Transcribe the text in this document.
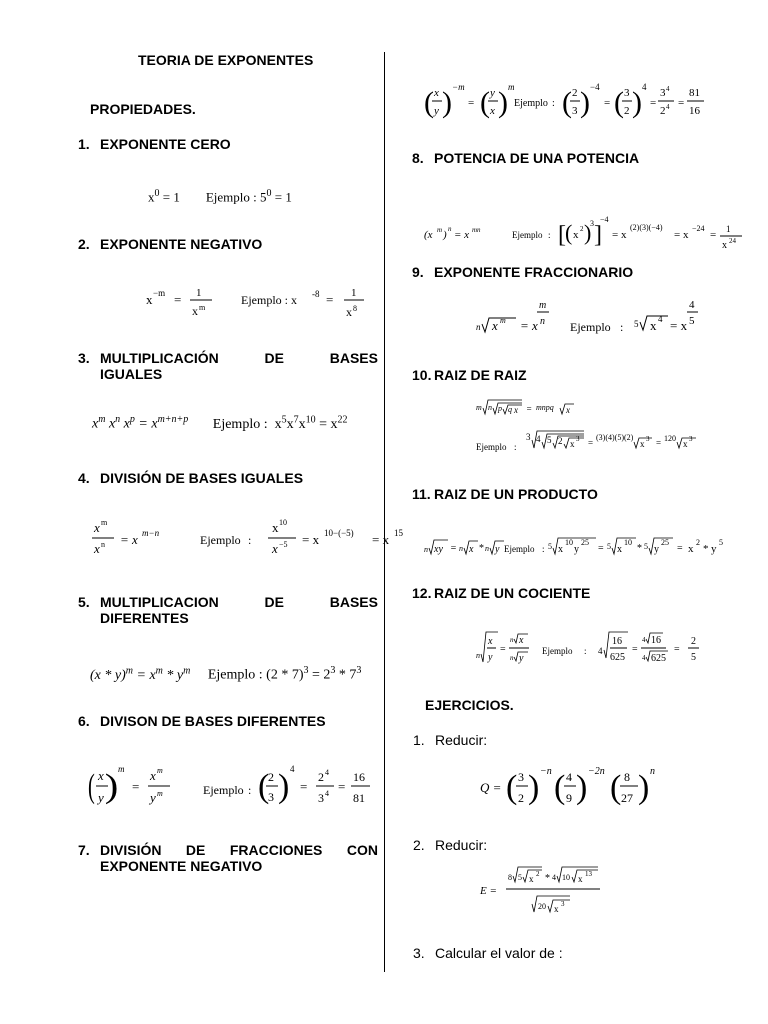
TEORIA DE EXPONENTES
PROPIEDADES.
1. EXPONENTE CERO
$x^0 = 1$        Ejemplo : $5^0 = 1$
2. EXPONENTE NEGATIVO
x −m = 1
x m
Ejemplo : x -8 = 1
x 8
3. MULTIPLICACIÓN	DE	BASES
IGUALES
$x^m$ $x^n$ $x^p = x^{m+n+p}$ Ejemplo :  $x^5x^7x^{10} = x^{22}$
4. DIVISIÓN DE BASES IGUALES
x m
x n = x m−n	Ejemplo :
x 10
x −5 = x 10−(−5) = x 15
5. MULTIPLICACION	DE	BASES
DIFERENTES
$(x * y)^m = x^m * y^m$ Ejemplo : $(2 * 7)^3 = 2^3 * 7^3$
6. DIVISON DE BASES DIFERENTES
( x
y ) m
=
x m
y m	Ejemplo : (
2
3 ) 4
=
2 4
3 4 =
16
81
7. DIVISIÓN DE FRACCIONES CON
EXPONENTE NEGATIVO
( x
y ) −m
= ( y
x ) m
Ejemplo : ( 2
3 ) −4
= ( 3
2 ) 4
=
3 4
2 4 =
81
16
8. POTENCIA DE UNA POTENCIA
(x m ) n = x mn	Ejemplo : [ ( x 2 )
3 ]
−4
= x
(2)(3)(−4)
= x
−24
= 1
x 24
9. EXPONENTE FRACCIONARIO
n x m = x
m
n Ejemplo : 5 x 4 = x
4
5
10. RAIZ DE RAIZ
m n p q x = mnpq x
Ejemplo :
3 4 5 2 x 3 =
(3)(4)(5)(2)
x 3 = 120
x 3
11. RAIZ DE UN PRODUCTO
n xy = n x * n y Ejemplo : 5 x
10
y
25
= 5 x
10
* 5 y
25
= x
2
* y
5
12. RAIZ DE UN COCIENTE
n
x
y
=
n x
n y
Ejemplo : 4
16
625
=
4 16
4 625
=
2
5
EJERCICIOS.
1. Reducir:
Q = ( 3
2 ) −n ( 4
9 ) −2n ( 8
27 ) n
2. Reducir:
E =
8 5 x 2 * 4 10 x 13
20 x 3
3. Calcular el valor de :
